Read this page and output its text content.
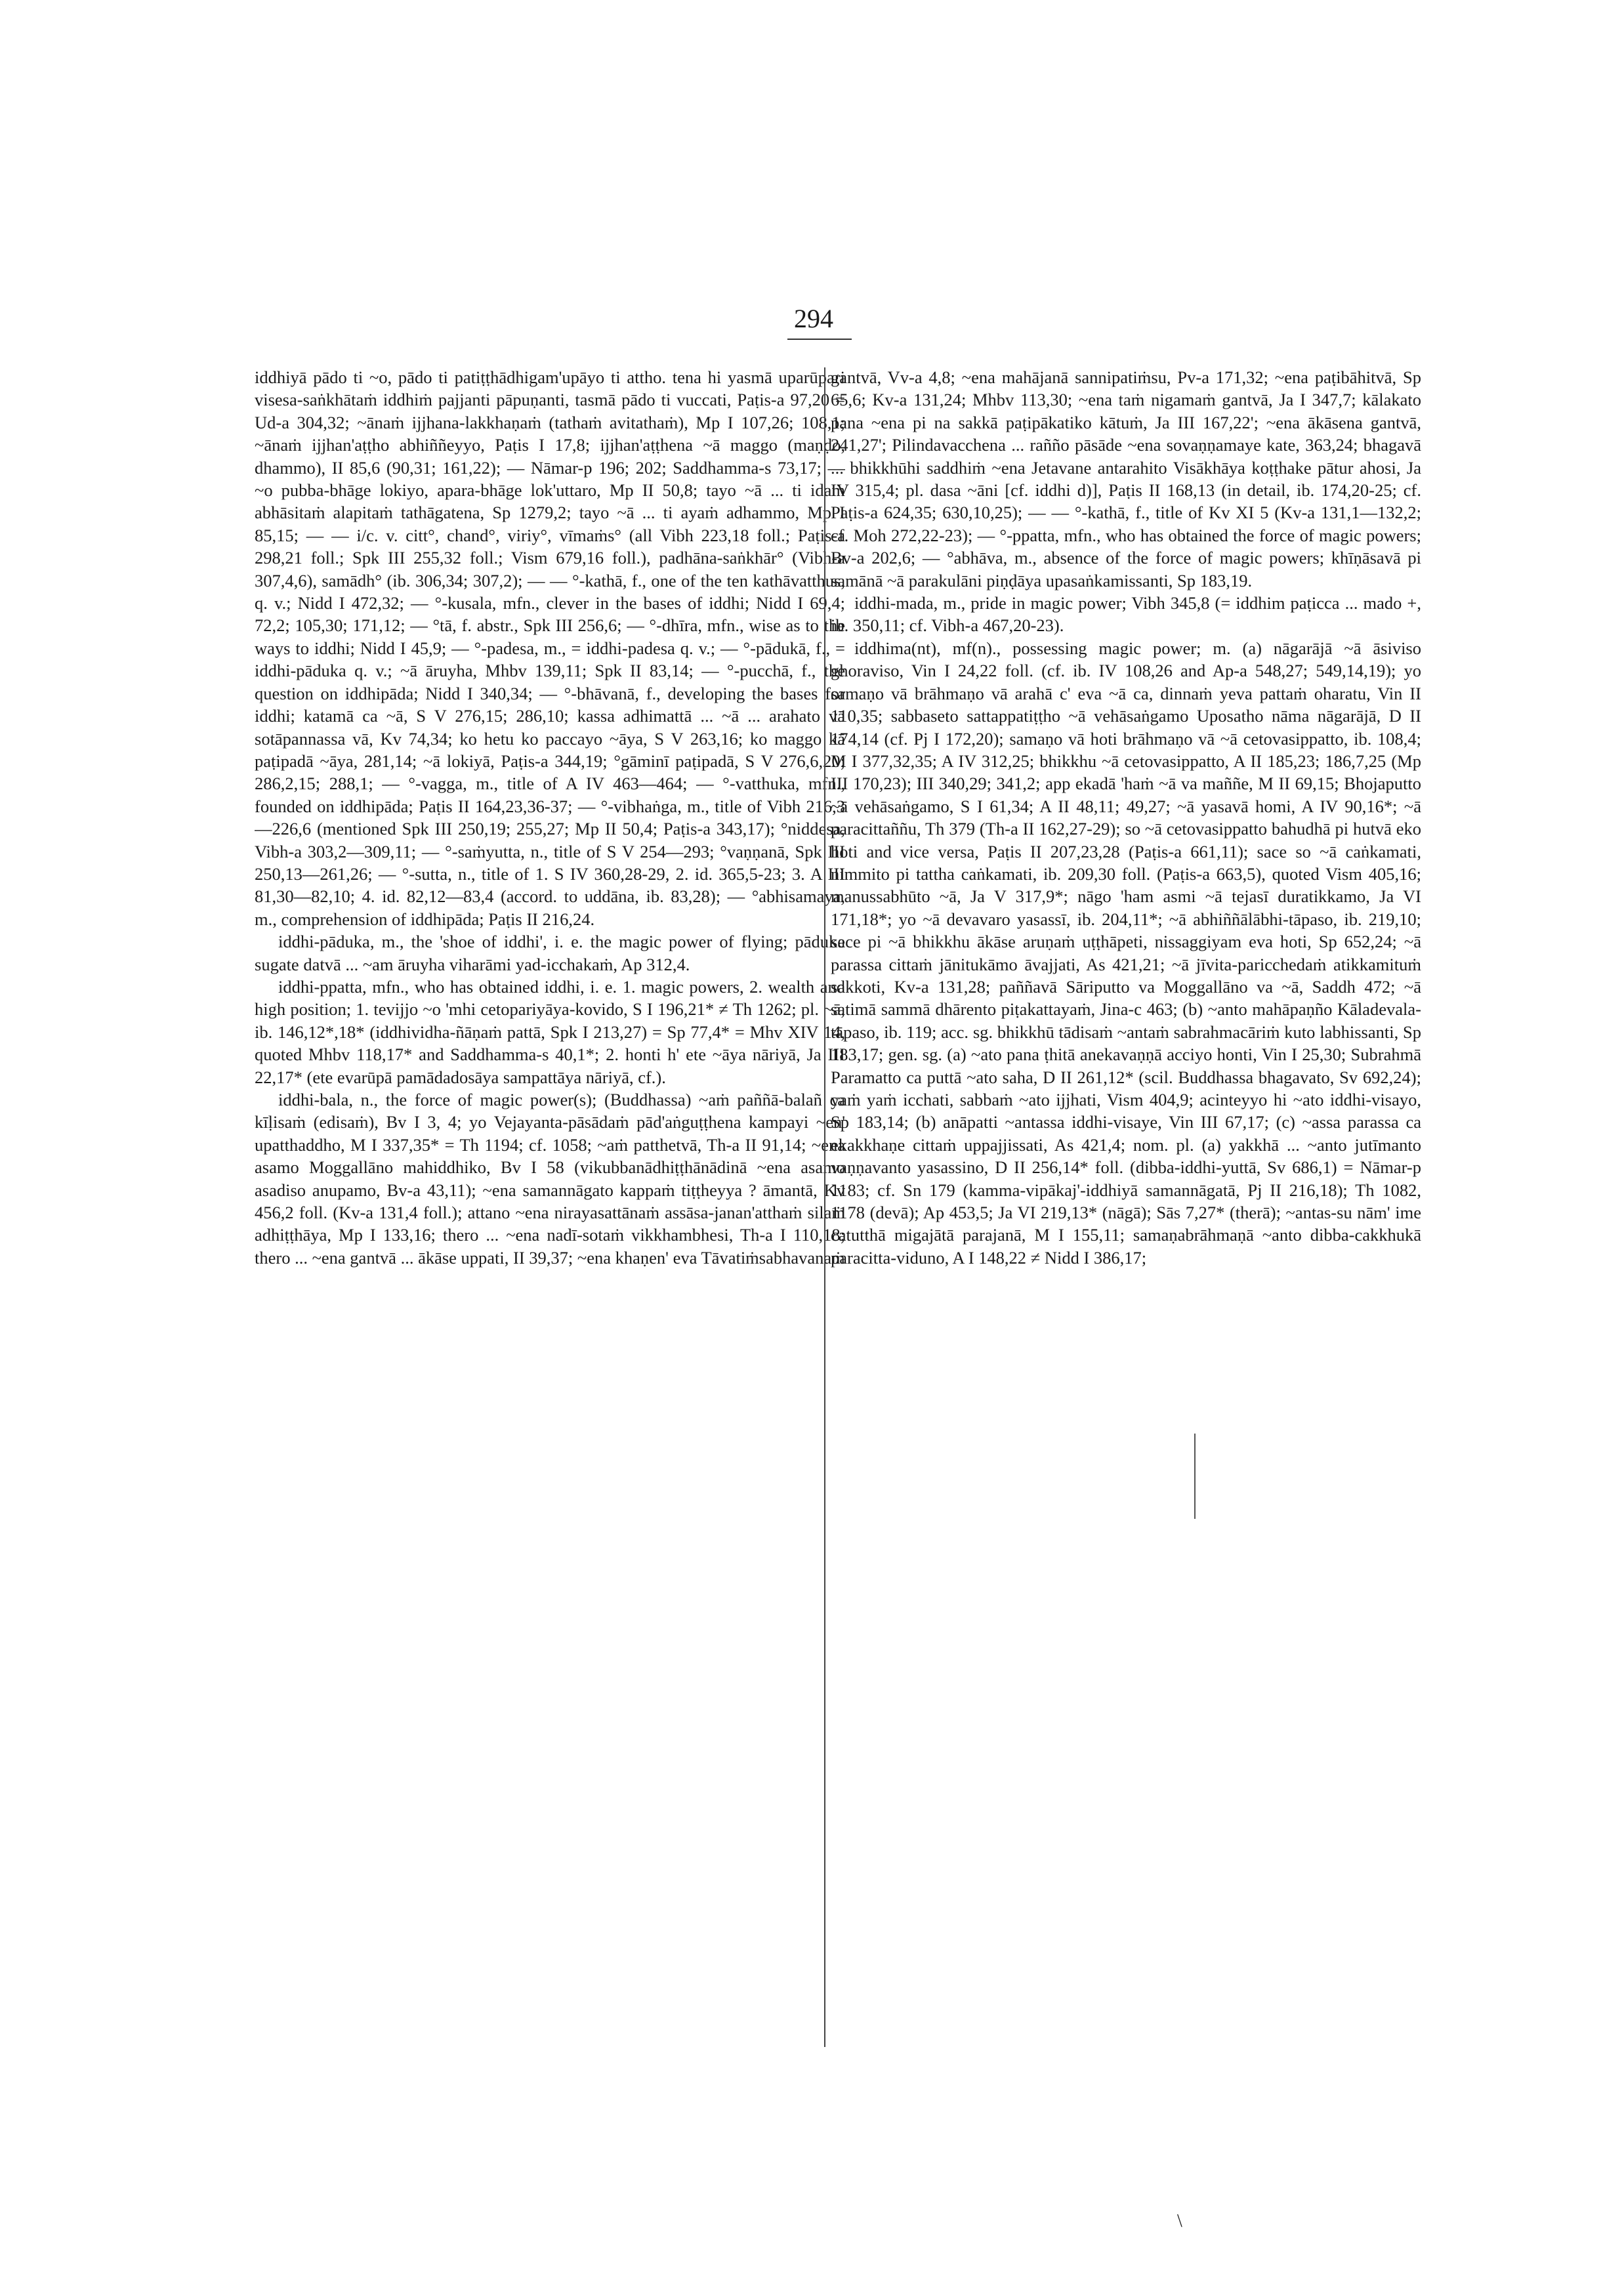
294

iddhiyā pādo ti ~o, pādo ti patiṭṭhādhigam'upāyo ti attho. tena hi yasmā uparūpari visesa-saṅkhātaṁ iddhiṁ pajjanti pāpuṇanti, tasmā pādo ti vuccati, Paṭis-a 97,20 = Ud-a 304,32; ~ānaṁ ijjhana-lakkhaṇaṁ (tathaṁ avitathaṁ), Mp I 107,26; 108,1; ~ānaṁ ijjhan'aṭṭho abhiññeyyo, Paṭis I 17,8; ijjhan'aṭṭhena ~ā maggo (maṇḍo, dhammo), II 85,6 (90,31; 161,22); — Nāmar-p 196; 202; Saddhamma-s 73,17; — ~o pubba-bhāge lokiyo, apara-bhāge lok'uttaro, Mp II 50,8; tayo ~ā ... ti idaṁ abhāsitaṁ alapitaṁ tathāgatena, Sp 1279,2; tayo ~ā ... ti ayaṁ adhammo, Mp I 85,15; — — i/c. v. citt°, chand°, viriy°, vīmaṁs° (all Vibh 223,18 foll.; Paṭis-a 298,21 foll.; Spk III 255,32 foll.; Vism 679,16 foll.), padhāna-saṅkhār° (Vibh-a 307,4,6), samādh° (ib. 306,34; 307,2); — — °-kathā, f., one of the ten kathāvatthus, q. v.; Nidd I 472,32; — °-kusala, mfn., clever in the bases of iddhi; Nidd I 69,4; 72,2; 105,30; 171,12; — °tā, f. abstr., Spk III 256,6; — °-dhīra, mfn., wise as to the ways to iddhi; Nidd I 45,9; — °-padesa, m., = iddhi-padesa q. v.; — °-pādukā, f., = iddhi-pāduka q. v.; ~ā āruyha, Mhbv 139,11; Spk II 83,14; — °-pucchā, f., the question on iddhipāda; Nidd I 340,34; — °-bhāvanā, f., developing the bases for iddhi; katamā ca ~ā, S V 276,15; 286,10; kassa adhimattā ... ~ā ... arahato vā sotāpannassa vā, Kv 74,34; ko hetu ko paccayo ~āya, S V 263,16; ko maggo kā paṭipadā ~āya, 281,14; ~ā lokiyā, Paṭis-a 344,19; °gāminī paṭipadā, S V 276,6,20; 286,2,15; 288,1; — °-vagga, m., title of A IV 463—464; — °-vatthuka, mfn., founded on iddhipāda; Paṭis II 164,23,36-37; — °-vibhaṅga, m., title of Vibh 216,3—226,6 (mentioned Spk III 250,19; 255,27; Mp II 50,4; Paṭis-a 343,17); °niddesa, Vibh-a 303,2—309,11; — °-saṁyutta, n., title of S V 254—293; °vaṇṇanā, Spk III 250,13—261,26; — °-sutta, n., title of 1. S IV 360,28-29, 2. id. 365,5-23; 3. A III 81,30—82,10; 4. id. 82,12—83,4 (accord. to uddāna, ib. 83,28); — °abhisamaya, m., comprehension of iddhipāda; Paṭis II 216,24.

iddhi-pāduka, m., the 'shoe of iddhi', i. e. the magic power of flying; pāduke sugate datvā ... ~am āruyha viharāmi yad-icchakaṁ, Ap 312,4.

iddhi-ppatta, mfn., who has obtained iddhi, i. e. 1. magic powers, 2. wealth and high position; 1. tevijjo ~o 'mhi cetopariyāya-kovido, S I 196,21* ≠ Th 1262; pl. ~ā, ib. 146,12*,18* (iddhividha-ñāṇaṁ pattā, Spk I 213,27) = Sp 77,4* = Mhv XIV 14, quoted Mhbv 118,17* and Saddhamma-s 40,1*; 2. honti h' ete ~āya nāriyā, Ja III 22,17* (ete evarūpā pamādadosāya sampattāya nāriyā, cf.).

iddhi-bala, n., the force of magic power(s); (Buddhassa) ~aṁ paññā-balañ ca kīḷisaṁ (edisaṁ), Bv I 3, 4; yo Vejayanta-pāsādaṁ pād'aṅguṭṭhena kampayi ~en' upatthaddho, M I 337,35* = Th 1194; cf. 1058; ~aṁ patthetvā, Th-a II 91,14; ~ena asamo Moggallāno mahiddhiko, Bv I 58 (vikubbanādhiṭṭhānādinā ~ena asamo asadiso anupamo, Bv-a 43,11); ~ena samannāgato kappaṁ tiṭṭheyya ? āmantā, Kv 456,2 foll. (Kv-a 131,4 foll.); attano ~ena nirayasattānaṁ assāsa-janan'atthaṁ silaṁ adhiṭṭhāya, Mp I 133,16; thero ... ~ena nadī-sotaṁ vikkhambhesi, Th-a I 110,18; thero ... ~ena gantvā ... ākāse uppati, II 39,37; ~ena khaṇen' eva Tāvatiṁsabhavanaṁ

gantvā, Vv-a 4,8; ~ena mahājanā sannipatiṁsu, Pv-a 171,32; ~ena paṭibāhitvā, Sp 65,6; Kv-a 131,24; Mhbv 113,30; ~ena taṁ nigamaṁ gantvā, Ja I 347,7; kālakato pana ~ena pi na sakkā paṭipākatiko kātuṁ, Ja III 167,22'; ~ena ākāsena gantvā, 241,27'; Pilindavacchena ... rañño pāsāde ~ena sovaṇṇamaye kate, 363,24; bhagavā ... bhikkhūhi saddhiṁ ~ena Jetavane antarahito Visākhāya koṭṭhake pātur ahosi, Ja IV 315,4; pl. dasa ~āni [cf. iddhi d)], Paṭis II 168,13 (in detail, ib. 174,20-25; cf. Paṭis-a 624,35; 630,10,25); — — °-kathā, f., title of Kv XI 5 (Kv-a 131,1—132,2; cf. Moh 272,22-23); — °-ppatta, mfn., who has obtained the force of magic powers; Bv-a 202,6; — °abhāva, m., absence of the force of magic powers; khīṇāsavā pi samānā ~ā parakulāni piṇḍāya upasaṅkamissanti, Sp 183,19.

iddhi-mada, m., pride in magic power; Vibh 345,8 (= iddhim paṭicca ... mado +, ib. 350,11; cf. Vibh-a 467,20-23).

iddhima(nt), mf(n)., possessing magic power; m. (a) nāgarājā ~ā āsiviso ghoraviso, Vin I 24,22 foll. (cf. ib. IV 108,26 and Ap-a 548,27; 549,14,19); yo samaṇo vā brāhmaṇo vā arahā c' eva ~ā ca, dinnaṁ yeva pattaṁ oharatu, Vin II 110,35; sabbaseto sattappatiṭṭho ~ā vehāsaṅgamo Uposatho nāma nāgarājā, D II 174,14 (cf. Pj I 172,20); samaṇo vā hoti brāhmaṇo vā ~ā cetovasippatto, ib. 108,4; M I 377,32,35; A IV 312,25; bhikkhu ~ā cetovasippatto, A II 185,23; 186,7,25 (Mp III 170,23); III 340,29; 341,2; app ekadā 'haṁ ~ā va maññe, M II 69,15; Bhojaputto ~ā vehāsaṅgamo, S I 61,34; A II 48,11; 49,27; ~ā yasavā homi, A IV 90,16*; ~ā paracittaññu, Th 379 (Th-a II 162,27-29); so ~ā cetovasippatto bahudhā pi hutvā eko hoti and vice versa, Paṭis II 207,23,28 (Paṭis-a 661,11); sace so ~ā caṅkamati, nimmito pi tattha caṅkamati, ib. 209,30 foll. (Paṭis-a 663,5), quoted Vism 405,16; manussabhūto ~ā, Ja V 317,9*; nāgo 'ham asmi ~ā tejasī duratikkamo, Ja VI 171,18*; yo ~ā devavaro yasassī, ib. 204,11*; ~ā abhiññālābhi-tāpaso, ib. 219,10; sace pi ~ā bhikkhu ākāse aruṇaṁ uṭṭhāpeti, nissaggiyam eva hoti, Sp 652,24; ~ā parassa cittaṁ jānitukāmo āvajjati, As 421,21; ~ā jīvita-paricchedaṁ atikkamituṁ sakkoti, Kv-a 131,28; paññavā Sāriputto va Moggallāno va ~ā, Saddh 472; ~ā satimā sammā dhārento piṭakattayaṁ, Jina-c 463; (b) ~anto mahāpaṇño Kāladevala-tāpaso, ib. 119; acc. sg. bhikkhū tādisaṁ ~antaṁ sabrahmacāriṁ kuto labhissanti, Sp 183,17; gen. sg. (a) ~ato pana ṭhitā anekavaṇṇā acciyo honti, Vin I 25,30; Subrahmā Paramatto ca puttā ~ato saha, D II 261,12* (scil. Buddhassa bhagavato, Sv 692,24); yaṁ yaṁ icchati, sabbaṁ ~ato ijjhati, Vism 404,9; acinteyyo hi ~ato iddhi-visayo, Sp 183,14; (b) anāpatti ~antassa iddhi-visaye, Vin III 67,17; (c) ~assa parassa ca ekakkhaṇe cittaṁ uppajjissati, As 421,4; nom. pl. (a) yakkhā ... ~anto jutīmanto vaṇṇavanto yasassino, D II 256,14* foll. (dibba-iddhi-yuttā, Sv 686,1) = Nāmar-p 1183; cf. Sn 179 (kamma-vipākaj'-iddhiyā samannāgatā, Pj II 216,18); Th 1082, 1178 (devā); Ap 453,5; Ja VI 219,13* (nāgā); Sās 7,27* (therā); ~antas-su nām' ime catutthā migajātā parajanā, M I 155,11; samaṇabrāhmaṇā ~anto dibba-cakkhukā paracitta-viduno, A I 148,22 ≠ Nidd I 386,17;

\
